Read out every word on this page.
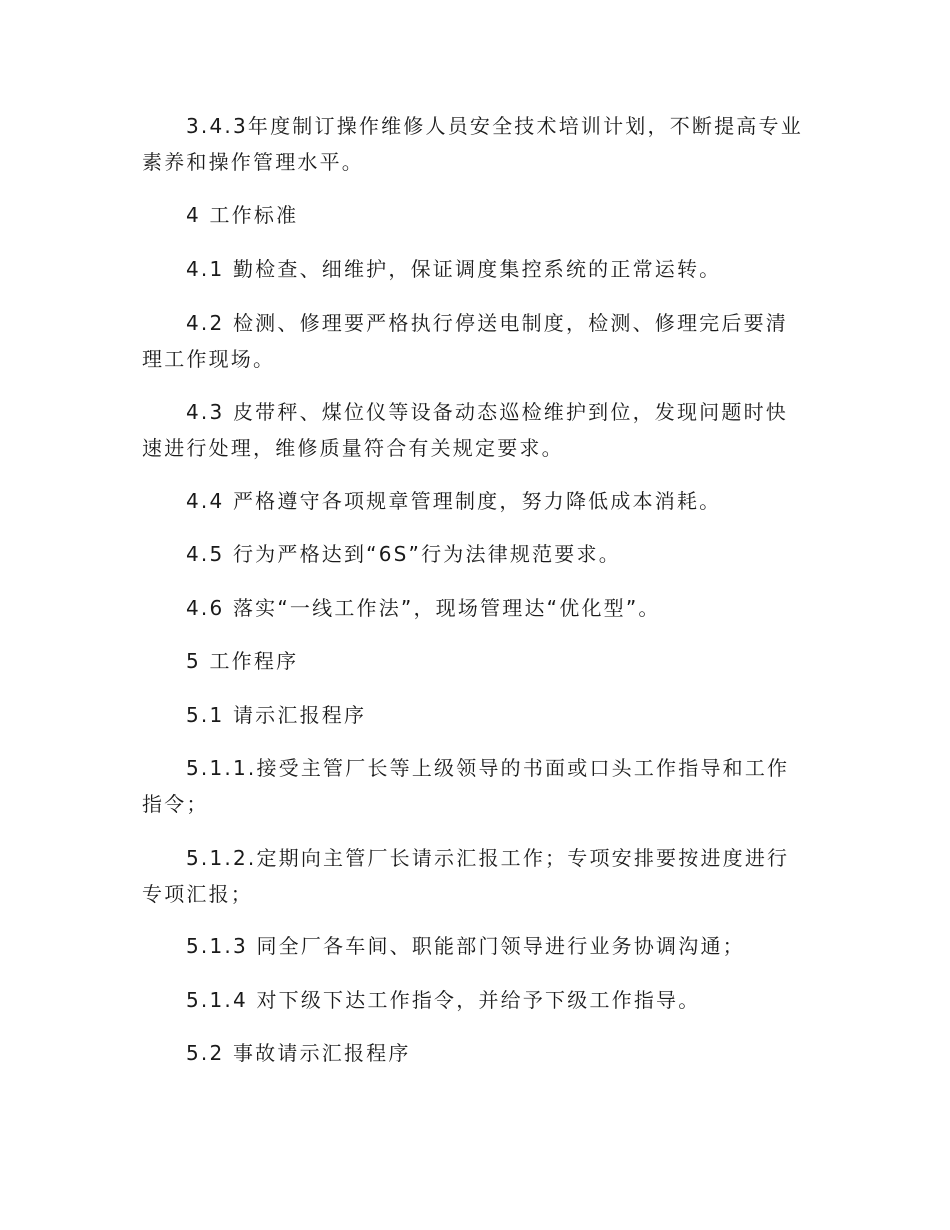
3.4.3年度制订操作维修人员安全技术培训计划，不断提高专业素养和操作管理水平。

4 工作标准

4.1 勤检查、细维护，保证调度集控系统的正常运转。

4.2 检测、修理要严格执行停送电制度，检测、修理完后要清理工作现场。

4.3 皮带秤、煤位仪等设备动态巡检维护到位，发现问题时快速进行处理，维修质量符合有关规定要求。

4.4 严格遵守各项规章管理制度，努力降低成本消耗。

4.5 行为严格达到“6S”行为法律规范要求。

4.6 落实“一线工作法”，现场管理达“优化型”。

5 工作程序

5.1 请示汇报程序

5.1.1.接受主管厂长等上级领导的书面或口头工作指导和工作指令；

5.1.2.定期向主管厂长请示汇报工作；专项安排要按进度进行专项汇报；

5.1.3 同全厂各车间、职能部门领导进行业务协调沟通；

5.1.4 对下级下达工作指令，并给予下级工作指导。

5.2 事故请示汇报程序
